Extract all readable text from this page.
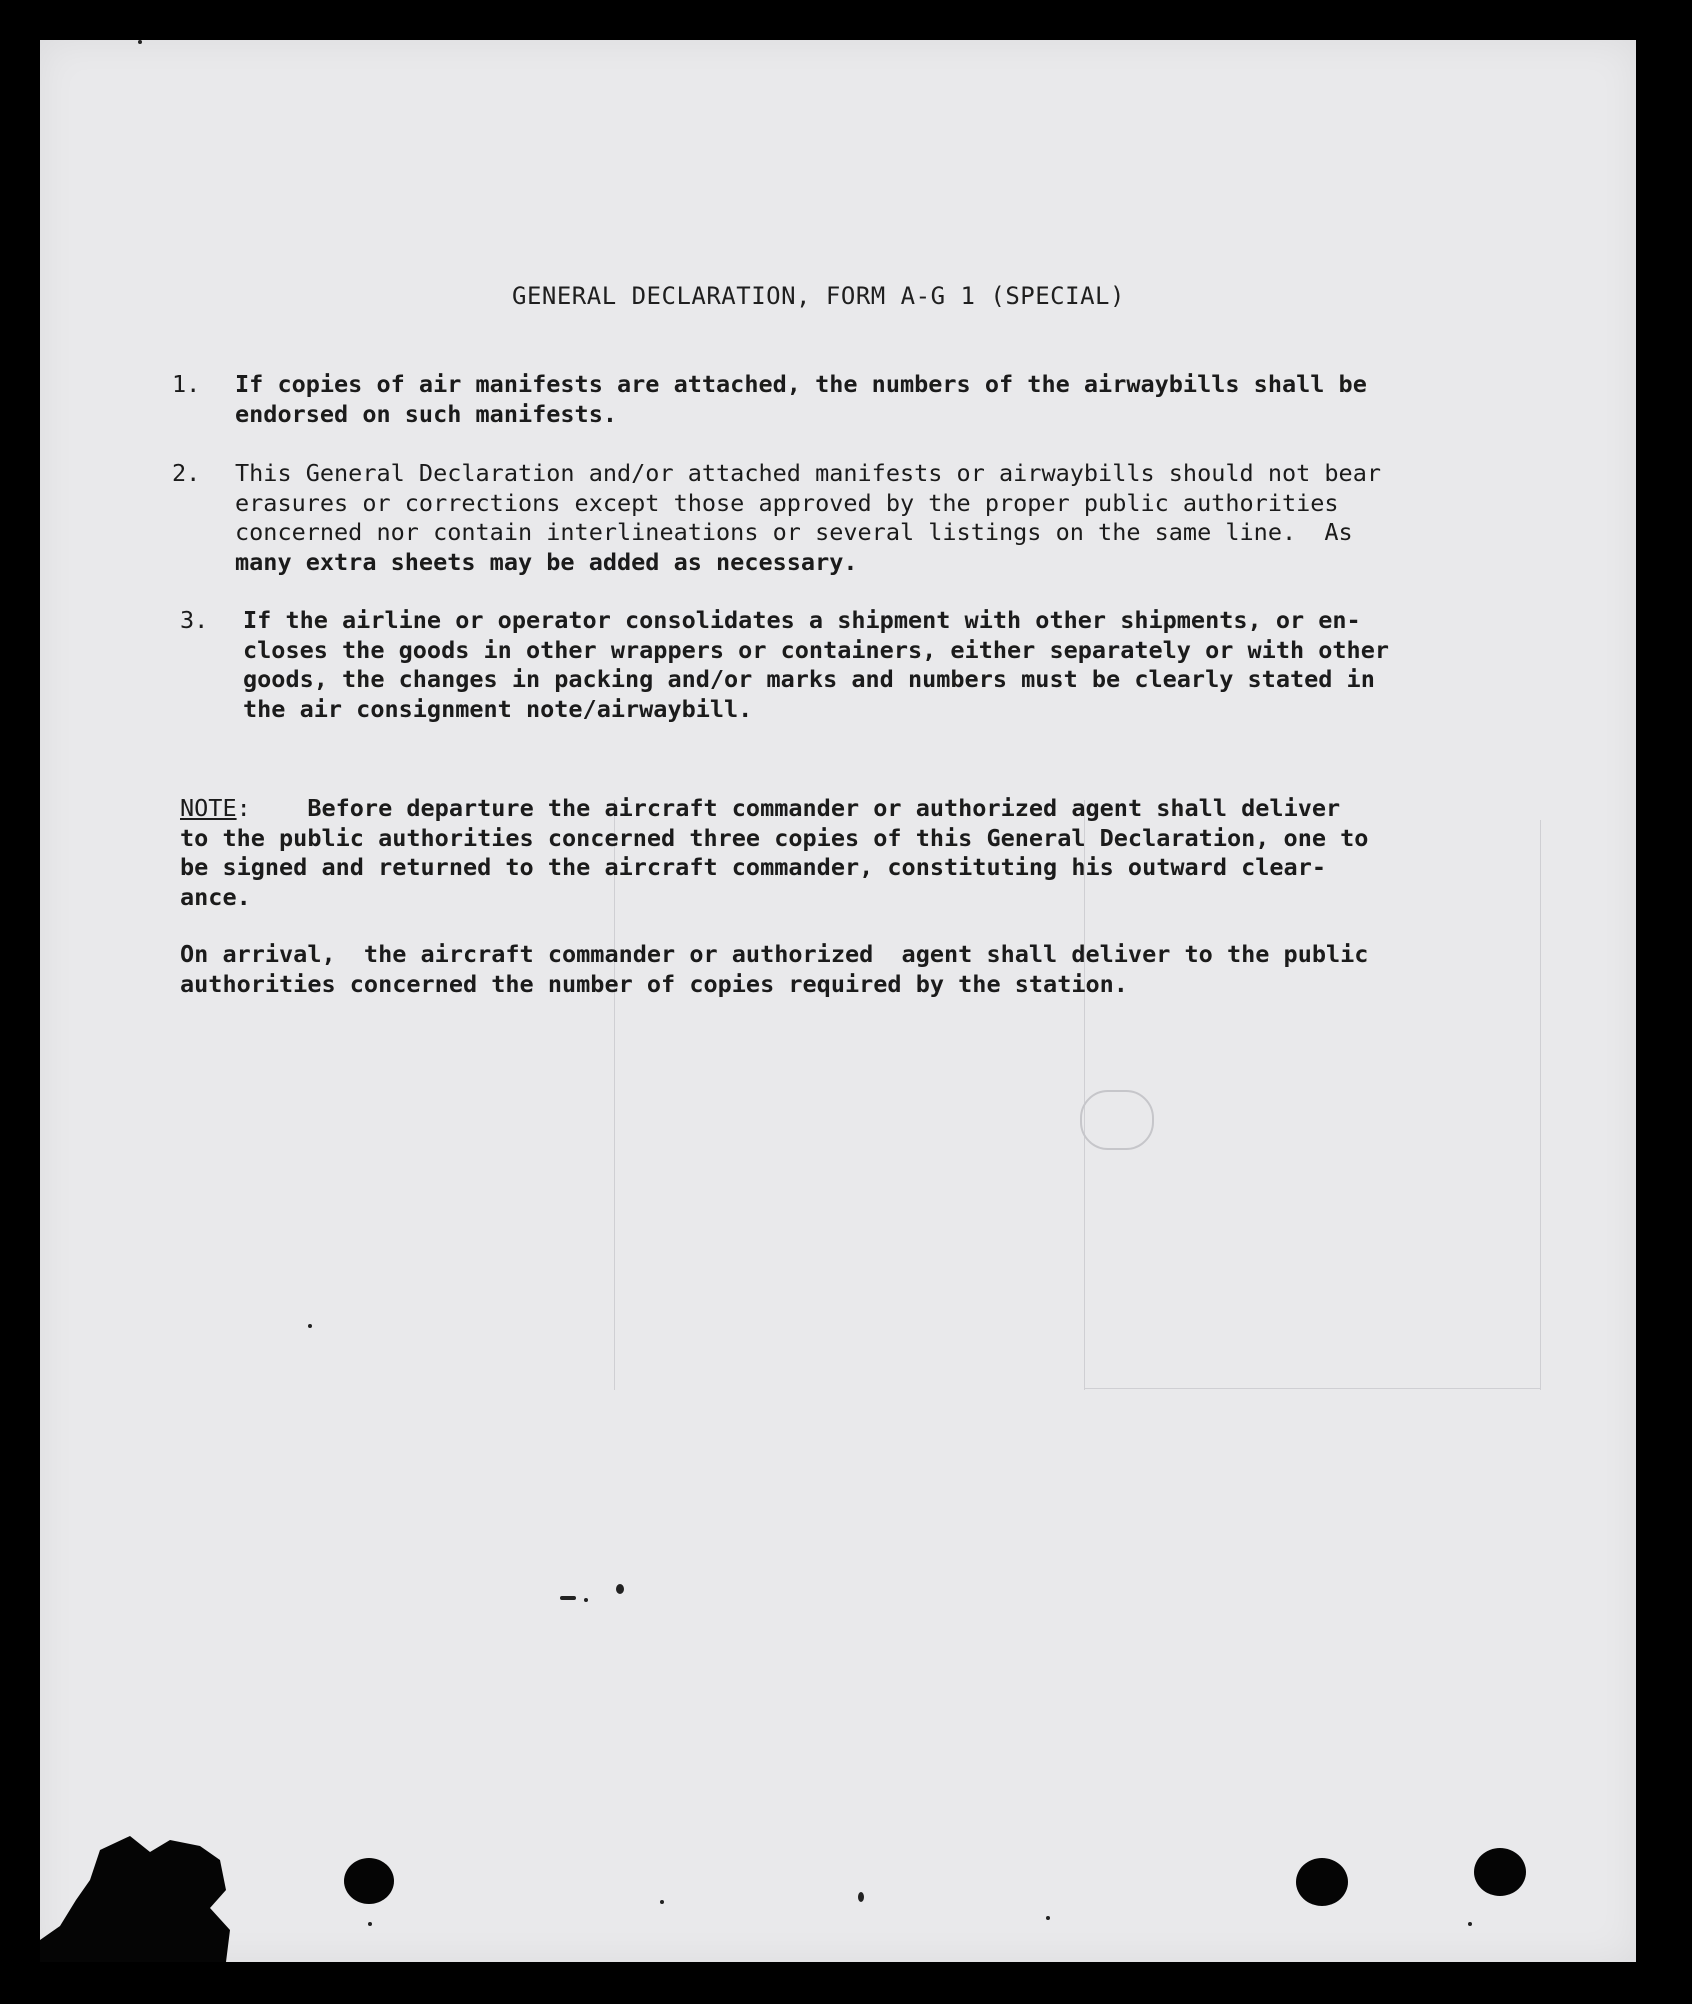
GENERAL DECLARATION, FORM A-G 1 (SPECIAL)
1. If copies of air manifests are attached, the numbers of the airwaybills shall be
endorsed on such manifests.
2. This General Declaration and/or attached manifests or airwaybills should not bear
erasures or corrections except those approved by the proper public authorities
concerned nor contain interlineations or several listings on the same line.  As
many extra sheets may be added as necessary.
3. If the airline or operator consolidates a shipment with other shipments, or en-
closes the goods in other wrappers or containers, either separately or with other
goods, the changes in packing and/or marks and numbers must be clearly stated in
the air consignment note/airwaybill.
NOTE:    Before departure the aircraft commander or authorized agent shall deliver
to the public authorities concerned three copies of this General Declaration, one to
be signed and returned to the aircraft commander, constituting his outward clear-
ance.
On arrival,  the aircraft commander or authorized  agent shall deliver to the public
authorities concerned the number of copies required by the station.
